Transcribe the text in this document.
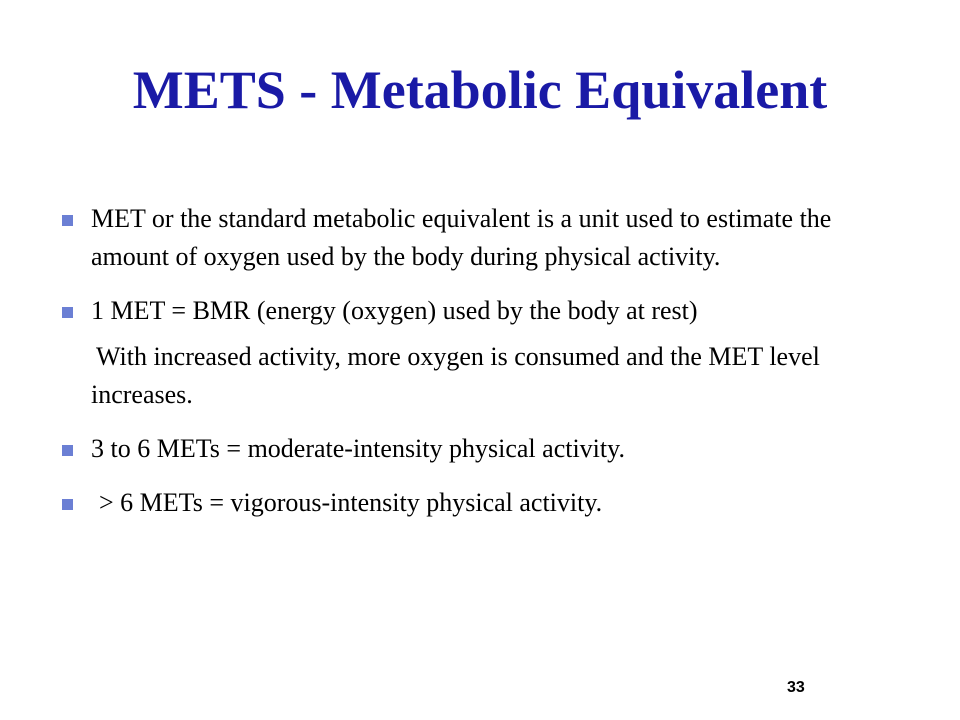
METS - Metabolic Equivalent
MET or the standard metabolic equivalent is a unit used to estimate the amount of oxygen used by the body during physical activity.
1 MET = BMR (energy (oxygen) used by the body at rest)
With increased activity, more oxygen is consumed and the MET level increases.
3 to 6 METs = moderate-intensity physical activity.
> 6 METs = vigorous-intensity physical activity.
33
